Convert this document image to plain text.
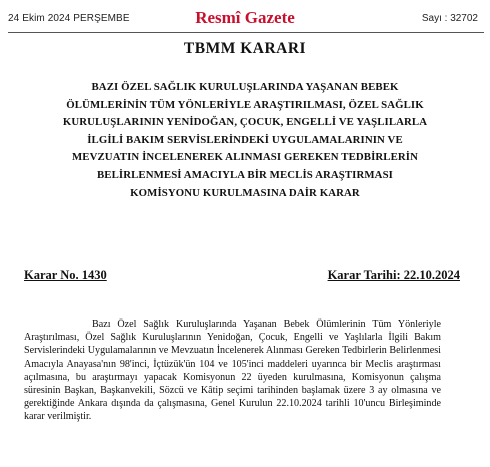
24 Ekim 2024 PERŞEMBE	Resmî Gazete	Sayı : 32702
TBMM KARARI
BAZI ÖZEL SAĞLIK KURULUŞLARINDA YAŞANAN BEBEK ÖLÜMLERİNİN TÜM YÖNLERİYLE ARAŞTIRILMASI, ÖZEL SAĞLIK KURULUŞLARININ YENİDOĞAN, ÇOCUK, ENGELLİ VE YAŞLILARLA İLGİLİ BAKIM SERVİSLERİNDEKİ UYGULAMALARININ VE MEVZUATIN İNCELENEREK ALINMASI GEREKEN TEDBİRLERİN BELİRLENMESİ AMACIYLA BİR MECLİS ARAŞTIRMASI KOMİSYONU KURULMASINA DAİR KARAR
Karar No. 1430	Karar Tarihi: 22.10.2024

Bazı Özel Sağlık Kuruluşlarında Yaşanan Bebek Ölümlerinin Tüm Yönleriyle Araştırılması, Özel Sağlık Kuruluşlarının Yenidoğan, Çocuk, Engelli ve Yaşlılarla İlgili Bakım Servislerindeki Uygulamalarının ve Mevzuatın İncelenerek Alınması Gereken Tedbirlerin Belirlenmesi Amacıyla Anayasa'nın 98'inci, İçtüzük'ün 104 ve 105'inci maddeleri uyarınca bir Meclis araştırması açılmasına, bu araştırmayı yapacak Komisyonun 22 üyeden kurulmasına, Komisyonun çalışma süresinin Başkan, Başkanvekili, Sözcü ve Kâtip seçimi tarihinden başlamak üzere 3 ay olmasına ve gerektiğinde Ankara dışında da çalışmasına, Genel Kurulun 22.10.2024 tarihli 10'uncu Birleşiminde karar verilmiştir.
